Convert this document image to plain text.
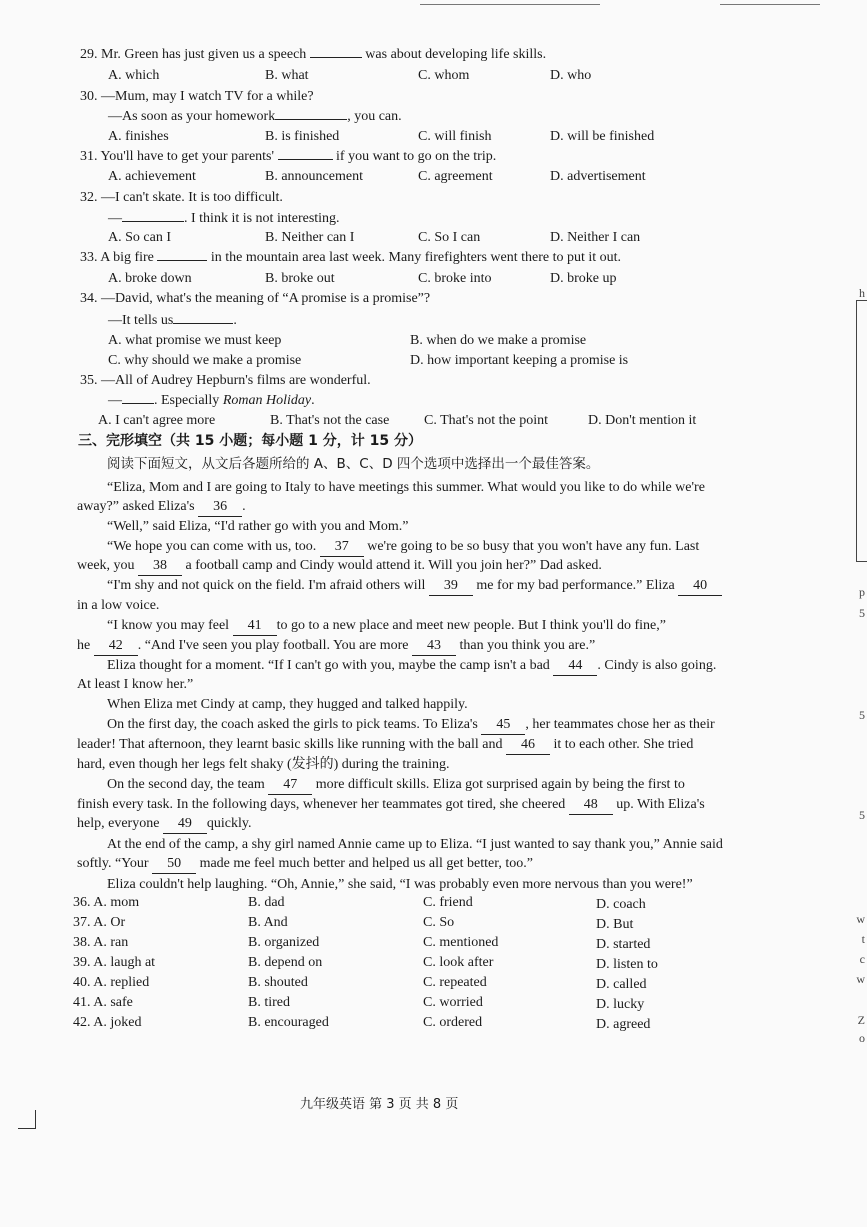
29. Mr. Green has just given us a speech	was about developing life skills.
A. which	B. what	C. whom	D. who
30. —Mum, may I watch TV for a while?
—As soon as your homework	, you can.
A. finishes	B. is finished	C. will finish	D. will be finished
31. You'll have to get your parents'	if you want to go on the trip.
A. achievement	B. announcement	C. agreement	D. advertisement
32. —I can't skate. It is too difficult.
—	. I think it is not interesting.
A. So can I	B. Neither can I	C. So I can	D. Neither I can
33. A big fire	in the mountain area last week. Many firefighters went there to put it out.
A. broke down	B. broke out	C. broke into	D. broke up
34. —David, what's the meaning of “A promise is a promise”?
—It tells us	.
A. what promise we must keep	B. when do we make a promise
C. why should we make a promise	D. how important keeping a promise is
35. —All of Audrey Hepburn's films are wonderful.
— . Especially Roman Holiday.
A. I can't agree more	B. That's not the case C. That's not the point	D. Don't mention it
三、完形填空（共 15 小题；每小题 1 分，计 15 分）
阅读下面短文，从文后各题所给的 A、B、C、D 四个选项中选择出一个最佳答案。
“Eliza, Mom and I are going to Italy to have meetings this summer. What would you like to do while we're
away?” asked Eliza's 36 .
“Well,” said Eliza, “I'd rather go with you and Mom.”
“We hope you can come with us, too. 37 we're going to be so busy that you won't have any fun. Last
week, you 38 a football camp and Cindy would attend it. Will you join her?” Dad asked.
“I'm shy and not quick on the field. I'm afraid others will 39 me for my bad performance.” Eliza 40
in a low voice.
“I know you may feel 41 to go to a new place and meet new people. But I think you'll do fine,”
he 42 . “And I've seen you play football. You are more 43 than you think you are.”
Eliza thought for a moment. “If I can't go with you, maybe the camp isn't a bad 44 . Cindy is also going.
At least I know her.”
When Eliza met Cindy at camp, they hugged and talked happily.
On the first day, the coach asked the girls to pick teams. To Eliza's 45 , her teammates chose her as their
leader! That afternoon, they learnt basic skills like running with the ball and 46 it to each other. She tried
hard, even though her legs felt shaky (发抖的) during the training.
On the second day, the team 47 more difficult skills. Eliza got surprised again by being the first to
finish every task. In the following days, whenever her teammates got tired, she cheered 48 up. With Eliza's
help, everyone 49 quickly.
At the end of the camp, a shy girl named Annie came up to Eliza. “I just wanted to say thank you,” Annie said
softly. “Your 50 made me feel much better and helped us all get better, too.”
Eliza couldn't help laughing. “Oh, Annie,” she said, “I was probably even more nervous than you were!”
36. A. mom	B. dad	C. friend	D. coach
37. A. Or	B. And	C. So	D. But
38. A. ran	B. organized	C. mentioned	D. started
39. A. laugh at	B. depend on	C. look after	D. listen to
40. A. replied	B. shouted	C. repeated	D. called
41. A. safe	B. tired	C. worried	D. lucky
42. A. joked	B. encouraged	C. ordered	D. agreed
h
p
5
5
5
w
t
c
w
Z
o
九年级英语 第 3 页 共 8 页
